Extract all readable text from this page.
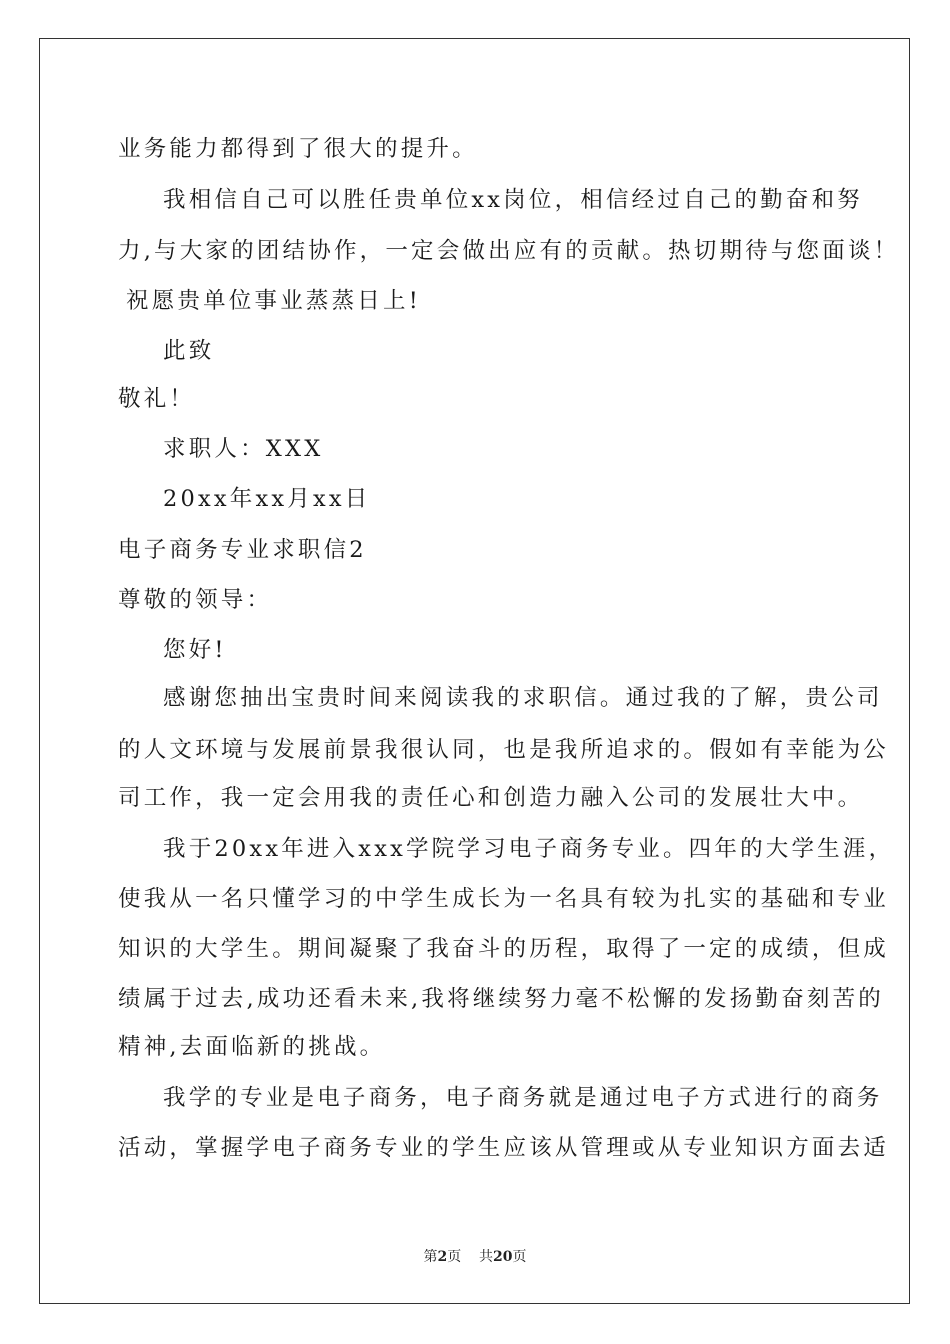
业务能力都得到了很大的提升。
我相信自己可以胜任贵单位xx岗位，相信经过自己的勤奋和努
力,与大家的团结协作，一定会做出应有的贡献。热切期待与您面谈！
祝愿贵单位事业蒸蒸日上!
此致
敬礼！
求职人：XXX
20xx年xx月xx日
电子商务专业求职信2
尊敬的领导：
您好!
感谢您抽出宝贵时间来阅读我的求职信。通过我的了解，贵公司
的人文环境与发展前景我很认同，也是我所追求的。假如有幸能为公
司工作，我一定会用我的责任心和创造力融入公司的发展壮大中。
我于20xx年进入xxx学院学习电子商务专业。四年的大学生涯，
使我从一名只懂学习的中学生成长为一名具有较为扎实的基础和专业
知识的大学生。期间凝聚了我奋斗的历程，取得了一定的成绩，但成
绩属于过去,成功还看未来,我将继续努力毫不松懈的发扬勤奋刻苦的
精神,去面临新的挑战。
我学的专业是电子商务，电子商务就是通过电子方式进行的商务
活动，掌握学电子商务专业的学生应该从管理或从专业知识方面去适
第2页 共20页
